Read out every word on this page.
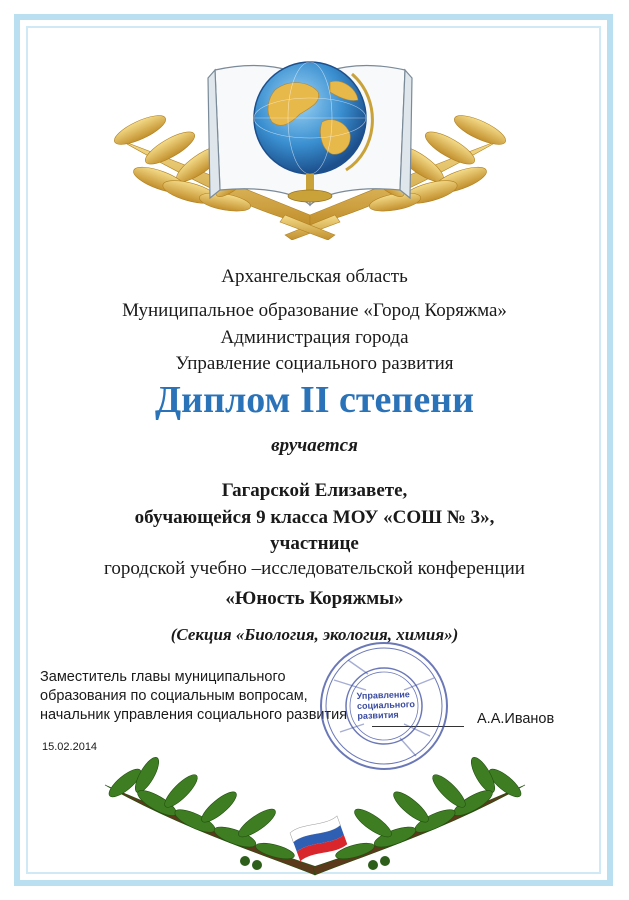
Архангельская область
Муниципальное образование «Город Коряжма»
Администрация города
Управление социального развития
Диплом II степени
вручается
Гагарской Елизавете,
обучающейся 9 класса МОУ «СОШ № 3»,
участнице
городской учебно –исследовательской конференции
«Юность Коряжмы»
(Секция «Биология, экология, химия»)
Заместитель главы муниципального
образования по социальным вопросам,
начальник управления социального развития	А.А.Иванов
15.02.2014
Управление
социального
развития
